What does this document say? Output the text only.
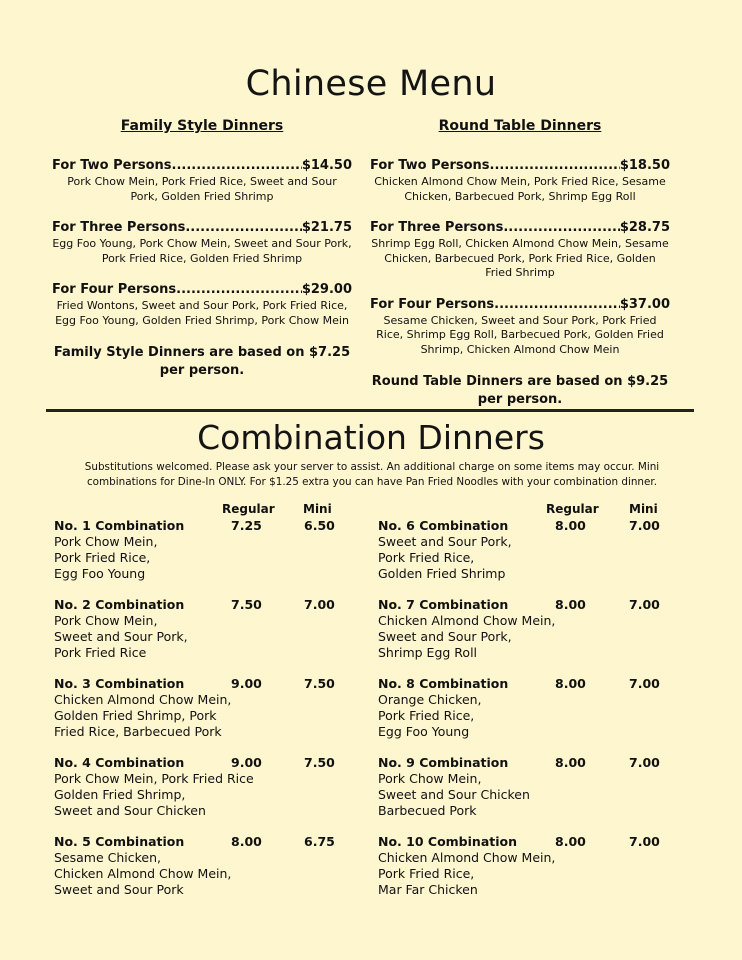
Chinese Menu
Family Style Dinners
For Two Persons .....	$14.50
Pork Chow Mein, Pork Fried Rice, Sweet and Sour Pork, Golden Fried Shrimp
For Three Persons .....	$21.75
Egg Foo Young, Pork Chow Mein, Sweet and Sour Pork, Pork Fried Rice, Golden Fried Shrimp
For Four Persons .....	$29.00
Fried Wontons, Sweet and Sour Pork, Pork Fried Rice, Egg Foo Young, Golden Fried Shrimp, Pork Chow Mein
Family Style Dinners are based on $7.25 per person.
Round Table Dinners
For Two Persons .....	$18.50
Chicken Almond Chow Mein, Pork Fried Rice, Sesame Chicken, Barbecued Pork, Shrimp Egg Roll
For Three Persons .....	$28.75
Shrimp Egg Roll, Chicken Almond Chow Mein, Sesame Chicken, Barbecued Pork, Pork Fried Rice, Golden Fried Shrimp
For Four Persons .....	$37.00
Sesame Chicken, Sweet and Sour Pork, Pork Fried Rice, Shrimp Egg Roll, Barbecued Pork, Golden Fried Shrimp, Chicken Almond Chow Mein
Round Table Dinners are based on $9.25 per person.
Combination Dinners
Substitutions welcomed. Please ask your server to assist. An additional charge on some items may occur. Mini combinations for Dine-In ONLY. For $1.25 extra you can have Pan Fried Noodles with your combination dinner.
Regular Mini
No. 1 Combination	7.25	6.50
Pork Chow Mein,
Pork Fried Rice,
Egg Foo Young
No. 2 Combination	7.50	7.00
Pork Chow Mein,
Sweet and Sour Pork,
Pork Fried Rice
No. 3 Combination	9.00	7.50
Chicken Almond Chow Mein,
Golden Fried Shrimp, Pork
Fried Rice, Barbecued Pork
No. 4 Combination	9.00	7.50
Pork Chow Mein, Pork Fried Rice
Golden Fried Shrimp,
Sweet and Sour Chicken
No. 5 Combination	8.00	6.75
Sesame Chicken,
Chicken Almond Chow Mein,
Sweet and Sour Pork
Regular	Mini
No. 6 Combination	8.00	7.00
Sweet and Sour Pork,
Pork Fried Rice,
Golden Fried Shrimp
No. 7 Combination	8.00	7.00
Chicken Almond Chow Mein,
Sweet and Sour Pork,
Shrimp Egg Roll
No. 8 Combination	8.00	7.00
Orange Chicken,
Pork Fried Rice,
Egg Foo Young
No. 9 Combination	8.00	7.00
Pork Chow Mein,
Sweet and Sour Chicken
Barbecued Pork
No. 10 Combination	8.00	7.00
Chicken Almond Chow Mein,
Pork Fried Rice,
Mar Far Chicken
